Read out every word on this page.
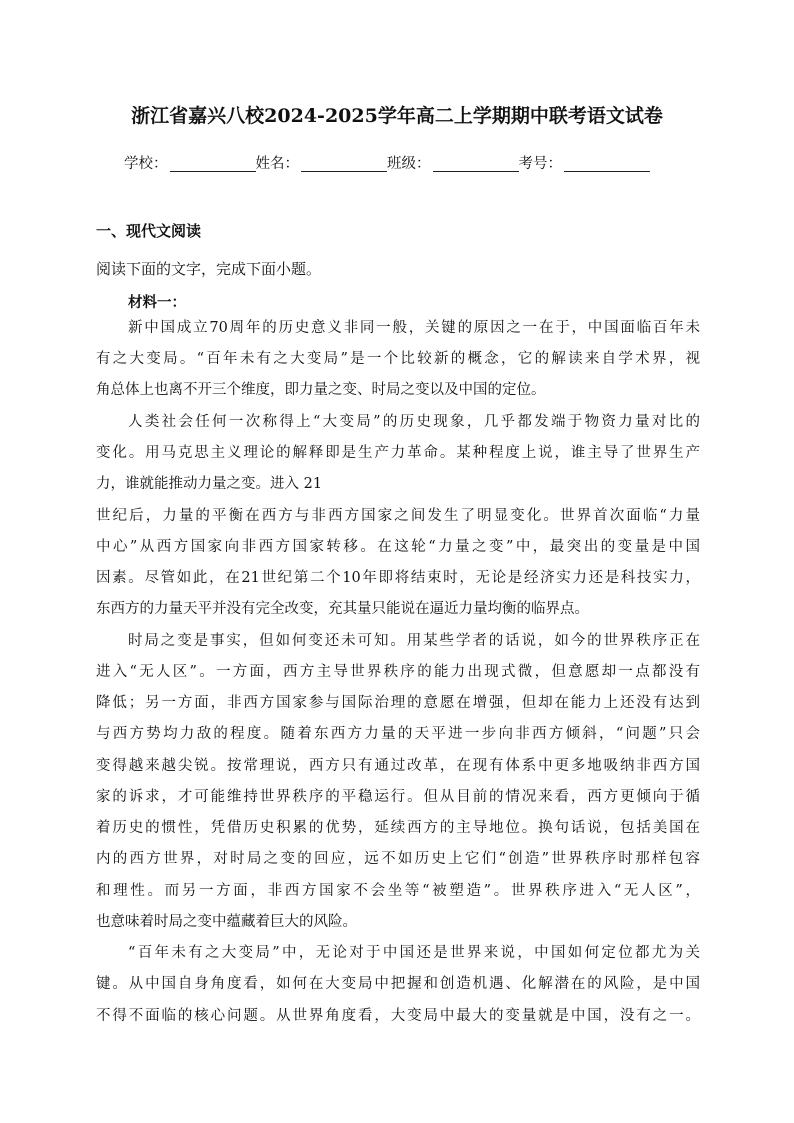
浙江省嘉兴八校2024-2025学年高二上学期期中联考语文试卷
学校：	姓名：	班级：	考号：
一、现代文阅读
阅读下面的文字，完成下面小题。
材料一：
新中国成立70周年的历史意义非同一般，关键的原因之一在于，中国面临百年未
有之大变局。“百年未有之大变局”是一个比较新的概念，它的解读来自学术界，视
角总体上也离不开三个维度，即力量之变、时局之变以及中国的定位。
人类社会任何一次称得上“大变局”的历史现象，几乎都发端于物资力量对比的
变化。用马克思主义理论的解释即是生产力革命。某种程度上说，谁主导了世界生产
力，谁就能推动力量之变。进入 21
世纪后，力量的平衡在西方与非西方国家之间发生了明显变化。世界首次面临“力量
中心”从西方国家向非西方国家转移。在这轮“力量之变”中，最突出的变量是中国
因素。尽管如此，在21世纪第二个10年即将结束时，无论是经济实力还是科技实力，
东西方的力量天平并没有完全改变，充其量只能说在逼近力量均衡的临界点。
时局之变是事实，但如何变还未可知。用某些学者的话说，如今的世界秩序正在
进入“无人区”。一方面，西方主导世界秩序的能力出现式微，但意愿却一点都没有
降低；另一方面，非西方国家参与国际治理的意愿在增强，但却在能力上还没有达到
与西方势均力敌的程度。随着东西方力量的天平进一步向非西方倾斜，“问题”只会
变得越来越尖锐。按常理说，西方只有通过改革，在现有体系中更多地吸纳非西方国
家的诉求，才可能维持世界秩序的平稳运行。但从目前的情况来看，西方更倾向于循
着历史的惯性，凭借历史积累的优势，延续西方的主导地位。换句话说，包括美国在
内的西方世界，对时局之变的回应，远不如历史上它们“创造”世界秩序时那样包容
和理性。而另一方面，非西方国家不会坐等“被塑造”。世界秩序进入“无人区”，
也意味着时局之变中蕴藏着巨大的风险。
“百年未有之大变局”中，无论对于中国还是世界来说，中国如何定位都尤为关
键。从中国自身角度看，如何在大变局中把握和创造机遇、化解潜在的风险，是中国
不得不面临的核心问题。从世界角度看，大变局中最大的变量就是中国，没有之一。
